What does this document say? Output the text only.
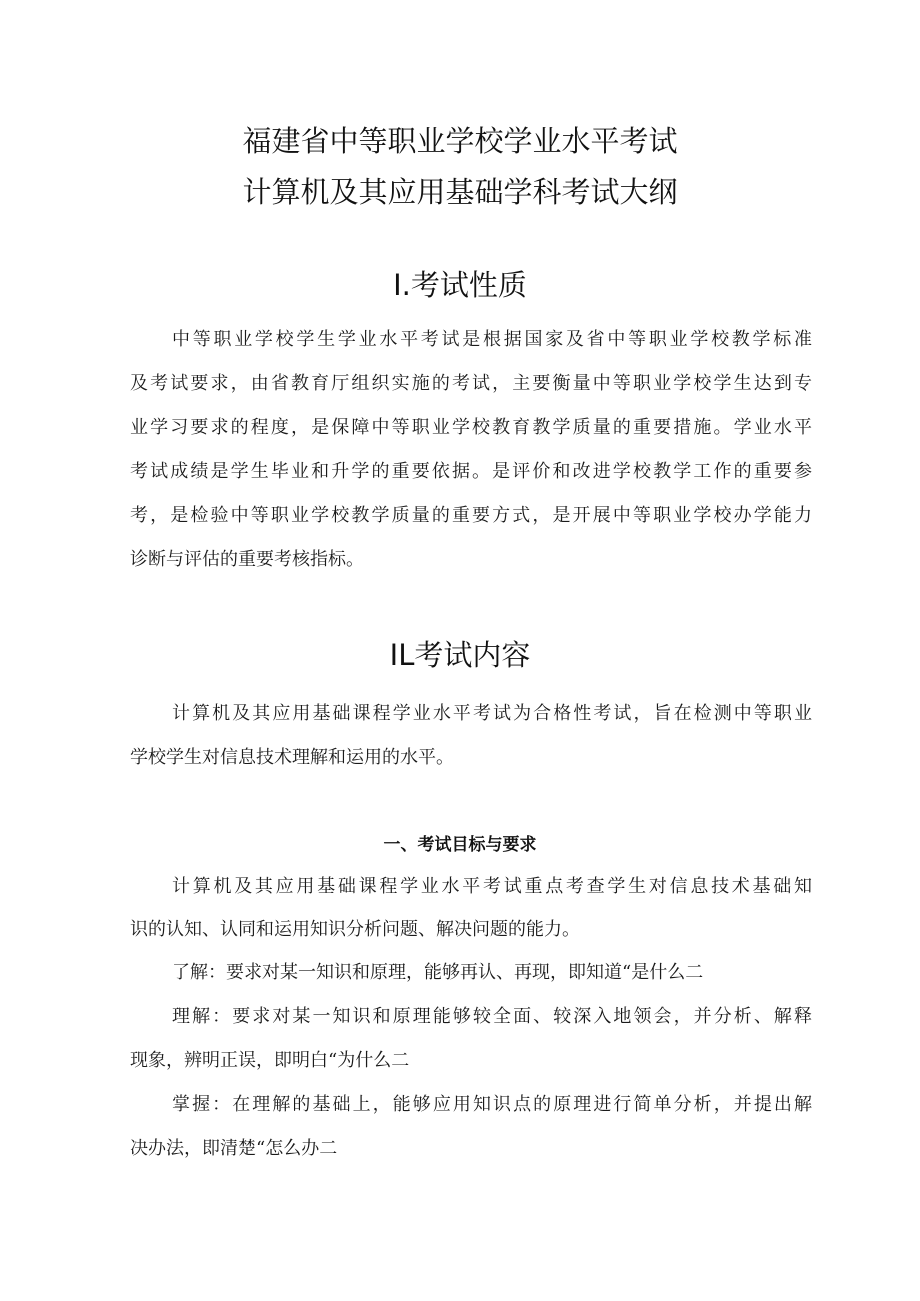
福建省中等职业学校学业水平考试
计算机及其应用基础学科考试大纲
I.考试性质
中等职业学校学生学业水平考试是根据国家及省中等职业学校教学标准
及考试要求，由省教育厅组织实施的考试，主要衡量中等职业学校学生达到专
业学习要求的程度，是保障中等职业学校教育教学质量的重要措施。学业水平
考试成绩是学生毕业和升学的重要依据。是评价和改进学校教学工作的重要参
考，是检验中等职业学校教学质量的重要方式，是开展中等职业学校办学能力
诊断与评估的重要考核指标。
IL考试内容
计算机及其应用基础课程学业水平考试为合格性考试，旨在检测中等职业
学校学生对信息技术理解和运用的水平。
一、考试目标与要求
计算机及其应用基础课程学业水平考试重点考查学生对信息技术基础知
识的认知、认同和运用知识分析问题、解决问题的能力。
了解：要求对某一知识和原理，能够再认、再现，即知道“是什么二
理解：要求对某一知识和原理能够较全面、较深入地领会，并分析、解释
现象，辨明正误，即明白“为什么二
掌握：在理解的基础上，能够应用知识点的原理进行简单分析，并提出解
决办法，即清楚“怎么办二
